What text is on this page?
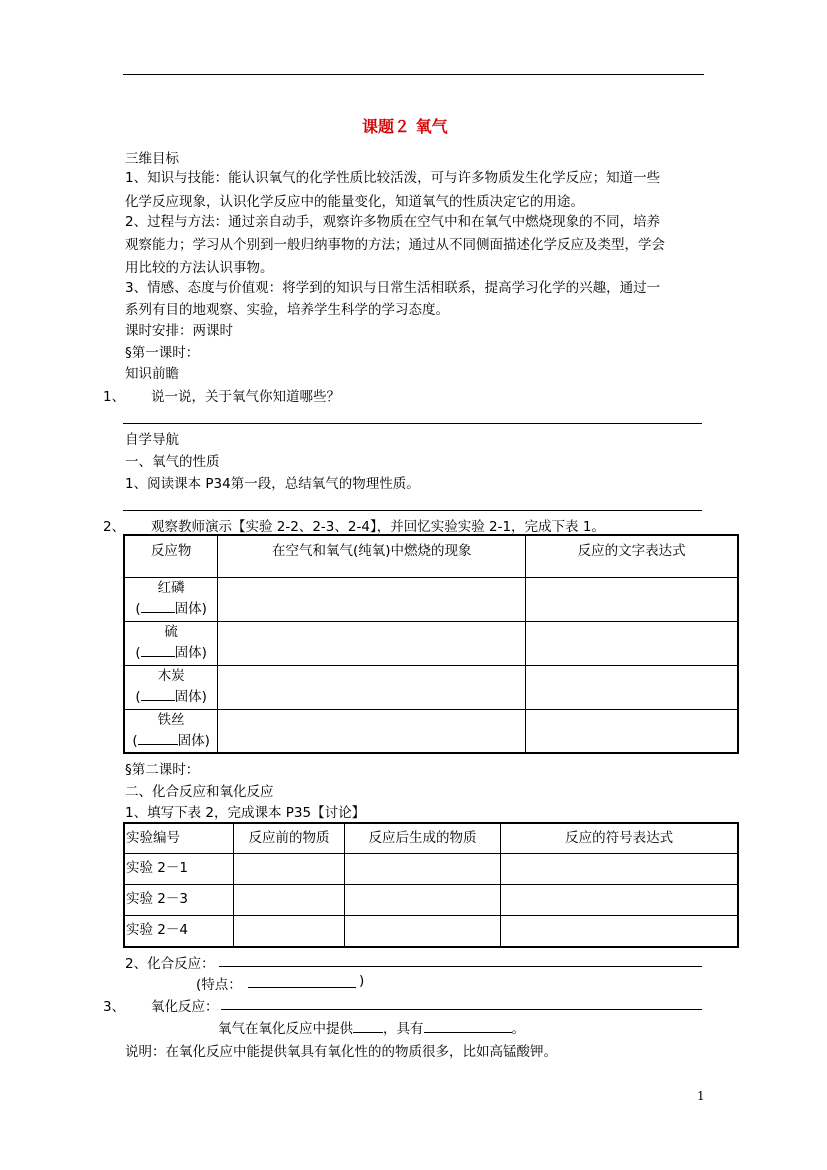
课题２ 氧气
三维目标
1、知识与技能：能认识氧气的化学性质比较活泼，可与许多物质发生化学反应；知道一些
化学反应现象，认识化学反应中的能量变化，知道氧气的性质决定它的用途。
2、过程与方法：通过亲自动手，观察许多物质在空气中和在氧气中燃烧现象的不同，培养
观察能力；学习从个别到一般归纳事物的方法；通过从不同侧面描述化学反应及类型，学会
用比较的方法认识事物。
3、情感、态度与价值观：将学到的知识与日常生活相联系，提高学习化学的兴趣，通过一
系列有目的地观察、实验，培养学生科学的学习态度。
课时安排：两课时
§第一课时：
知识前瞻
1、 说一说，关于氧气你知道哪些？
自学导航
一、氧气的性质
1、阅读课本 P34第一段，总结氧气的物理性质。
2、 观察教师演示【实验 2-2、2-3、2-4】，并回忆实验实验 2-1，完成下表 1。
反应物	在空气和氧气(纯氧)中燃烧的现象	反应的文字表达式

红磷
( 固体)		

硫
( 固体)		

木炭
( 固体)		

铁丝
( 固体)		

§第二课时：
二、化合反应和氧化反应
1、填写下表 2，完成课本 P35【讨论】
实验编号	反应前的物质	反应后生成的物质	反应的符号表达式
实验 2－1			
实验 2－3			
实验 2－4			
2、化合反应：
(特点：	)
3、 氧化反应：
氧气在氧化反应中提供 ，具有	。
说明：在氧化反应中能提供氧具有氧化性的的物质很多，比如高锰酸钾。
1
